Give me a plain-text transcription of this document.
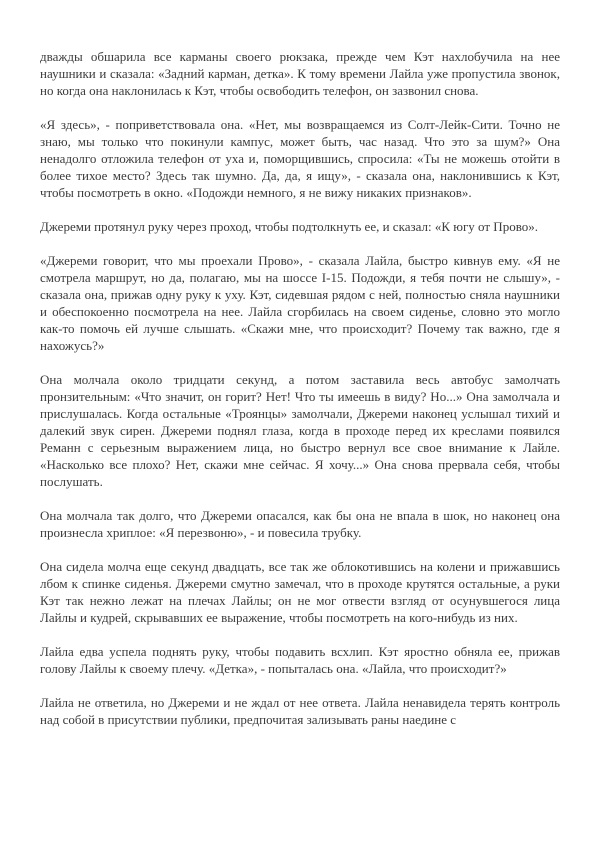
дважды обшарила все карманы своего рюкзака, прежде чем Кэт нахлобучила на нее наушники и сказала: «Задний карман, детка». К тому времени Лайла уже пропустила звонок, но когда она наклонилась к Кэт, чтобы освободить телефон, он зазвонил снова.

«Я здесь», - поприветствовала она. «Нет, мы возвращаемся из Солт-Лейк-Сити. Точно не знаю, мы только что покинули кампус, может быть, час назад. Что это за шум?» Она ненадолго отложила телефон от уха и, поморщившись, спросила: «Ты не можешь отойти в более тихое место? Здесь так шумно. Да, да, я ищу», - сказала она, наклонившись к Кэт, чтобы посмотреть в окно. «Подожди немного, я не вижу никаких признаков».

Джереми протянул руку через проход, чтобы подтолкнуть ее, и сказал: «К югу от Прово».

«Джереми говорит, что мы проехали Прово», - сказала Лайла, быстро кивнув ему. «Я не смотрела маршрут, но да, полагаю, мы на шоссе I-15. Подожди, я тебя почти не слышу», - сказала она, прижав одну руку к уху. Кэт, сидевшая рядом с ней, полностью сняла наушники и обеспокоенно посмотрела на нее. Лайла сгорбилась на своем сиденье, словно это могло как-то помочь ей лучше слышать. «Скажи мне, что происходит? Почему так важно, где я нахожусь?»

Она молчала около тридцати секунд, а потом заставила весь автобус замолчать пронзительным: «Что значит, он горит? Нет! Что ты имеешь в виду? Но...» Она замолчала и прислушалась. Когда остальные «Троянцы» замолчали, Джереми наконец услышал тихий и далекий звук сирен. Джереми поднял глаза, когда в проходе перед их креслами появился Реманн с серьезным выражением лица, но быстро вернул все свое внимание к Лайле. «Насколько все плохо? Нет, скажи мне сейчас. Я хочу...» Она снова прервала себя, чтобы послушать.

Она молчала так долго, что Джереми опасался, как бы она не впала в шок, но наконец она произнесла хриплое: «Я перезвоню», - и повесила трубку.

Она сидела молча еще секунд двадцать, все так же облокотившись на колени и прижавшись лбом к спинке сиденья. Джереми смутно замечал, что в проходе крутятся остальные, а руки Кэт так нежно лежат на плечах Лайлы; он не мог отвести взгляд от осунувшегося лица Лайлы и кудрей, скрывавших ее выражение, чтобы посмотреть на кого-нибудь из них.

Лайла едва успела поднять руку, чтобы подавить всхлип. Кэт яростно обняла ее, прижав голову Лайлы к своему плечу. «Детка», - попыталась она. «Лайла, что происходит?»

Лайла не ответила, но Джереми и не ждал от нее ответа. Лайла ненавидела терять контроль над собой в присутствии публики, предпочитая зализывать раны наедине с
